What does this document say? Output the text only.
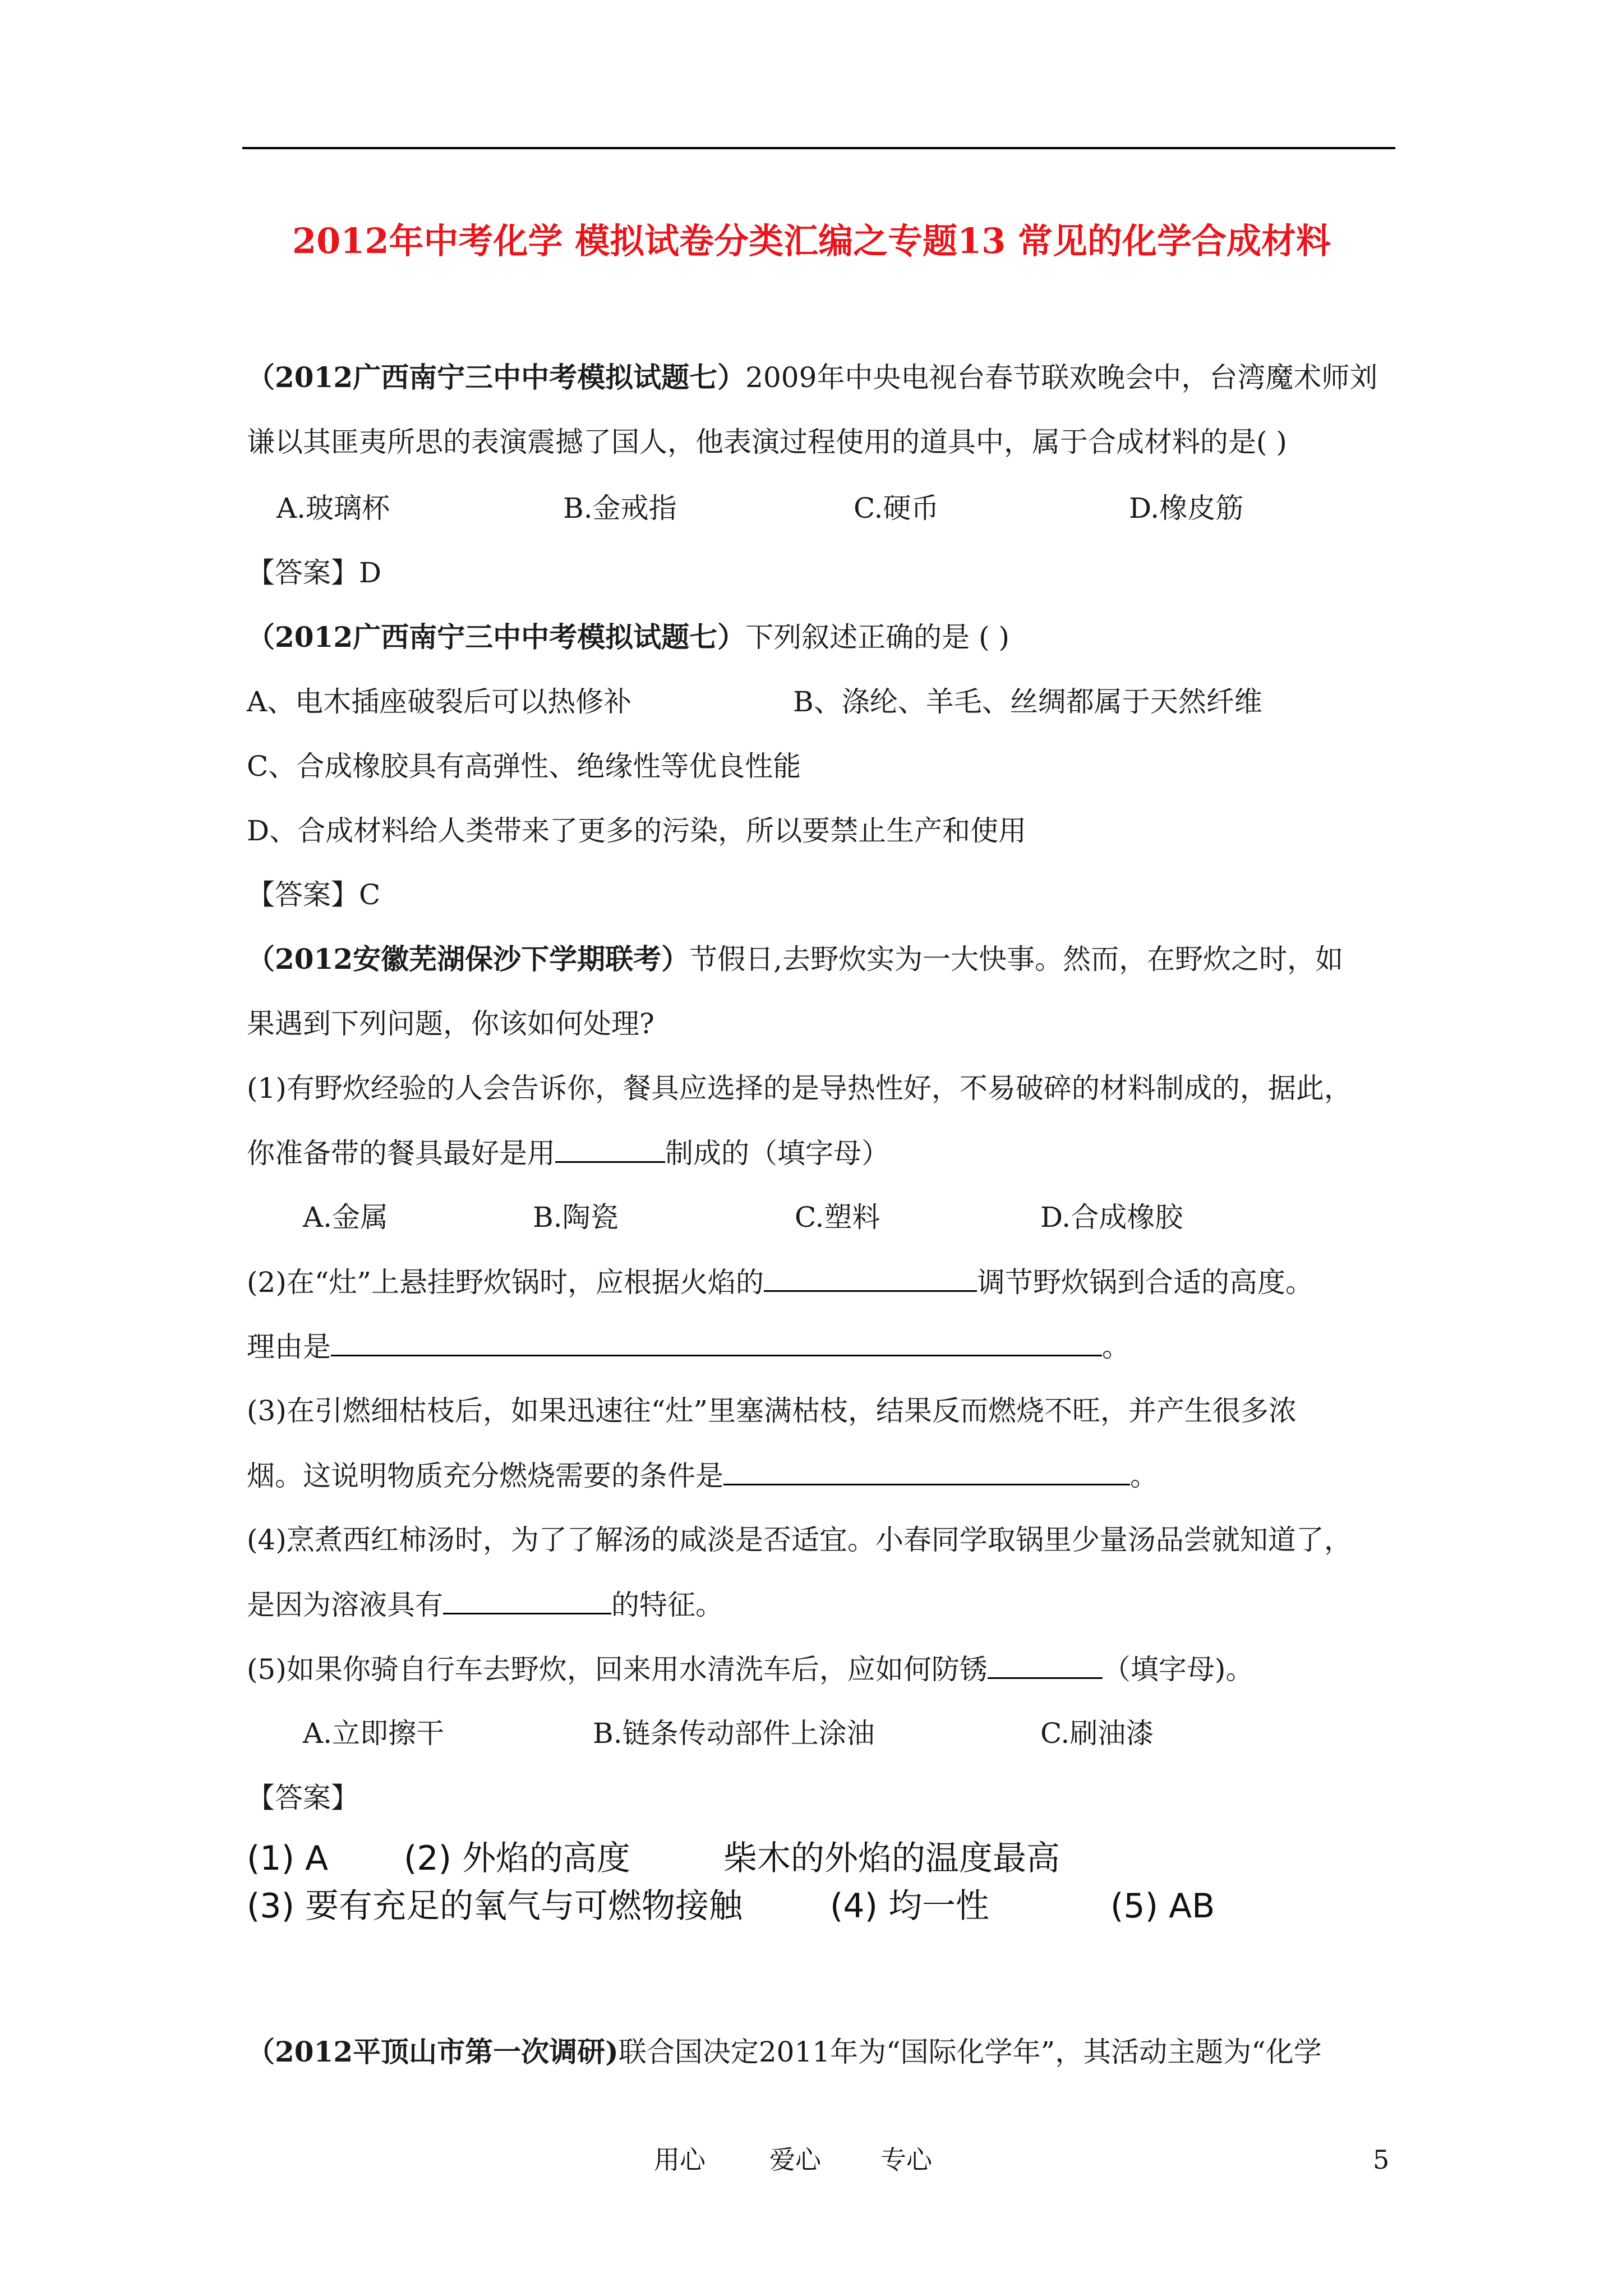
2012年中考化学 模拟试卷分类汇编之专题13 常见的化学合成材料
（2012广西南宁三中中考模拟试题七）2009年中央电视台春节联欢晚会中，台湾魔术师刘
谦以其匪夷所思的表演震撼了国人，他表演过程使用的道具中，属于合成材料的是( )
A.玻璃杯	B.金戒指	C.硬币	D.橡皮筋
【答案】D
（2012广西南宁三中中考模拟试题七）下列叙述正确的是 ( )
A、电木插座破裂后可以热修补	B、涤纶、羊毛、丝绸都属于天然纤维
C、合成橡胶具有高弹性、绝缘性等优良性能
D、合成材料给人类带来了更多的污染，所以要禁止生产和使用
【答案】C
（2012安徽芜湖保沙下学期联考）节假日,去野炊实为一大快事。然而，在野炊之时，如
果遇到下列问题，你该如何处理?
(1)有野炊经验的人会告诉你，餐具应选择的是导热性好，不易破碎的材料制成的，据此，
你准备带的餐具最好是用	制成的（填字母）
A.金属	B.陶瓷	C.塑料	D.合成橡胶
(2)在“灶”上悬挂野炊锅时，应根据火焰的	调节野炊锅到合适的高度。
理由是	。
(3)在引燃细枯枝后，如果迅速往“灶”里塞满枯枝，结果反而燃烧不旺，并产生很多浓
烟。这说明物质充分燃烧需要的条件是	。
(4)烹煮西红柿汤时，为了了解汤的咸淡是否适宜。小春同学取锅里少量汤品尝就知道了，
是因为溶液具有	的特征。
(5)如果你骑自行车去野炊，回来用水清洗车后，应如何防锈	（填字母)。
A.立即擦干	B.链条传动部件上涂油	C.刷油漆
【答案】
(1) A (2) 外焰的高度	柴木的外焰的温度最高
(3) 要有充足的氧气与可燃物接触	(4) 均一性	(5) AB
（2012平顶山市第一次调研)联合国决定2011年为“国际化学年”，其活动主题为“化学
用心 爱心 专心	5
